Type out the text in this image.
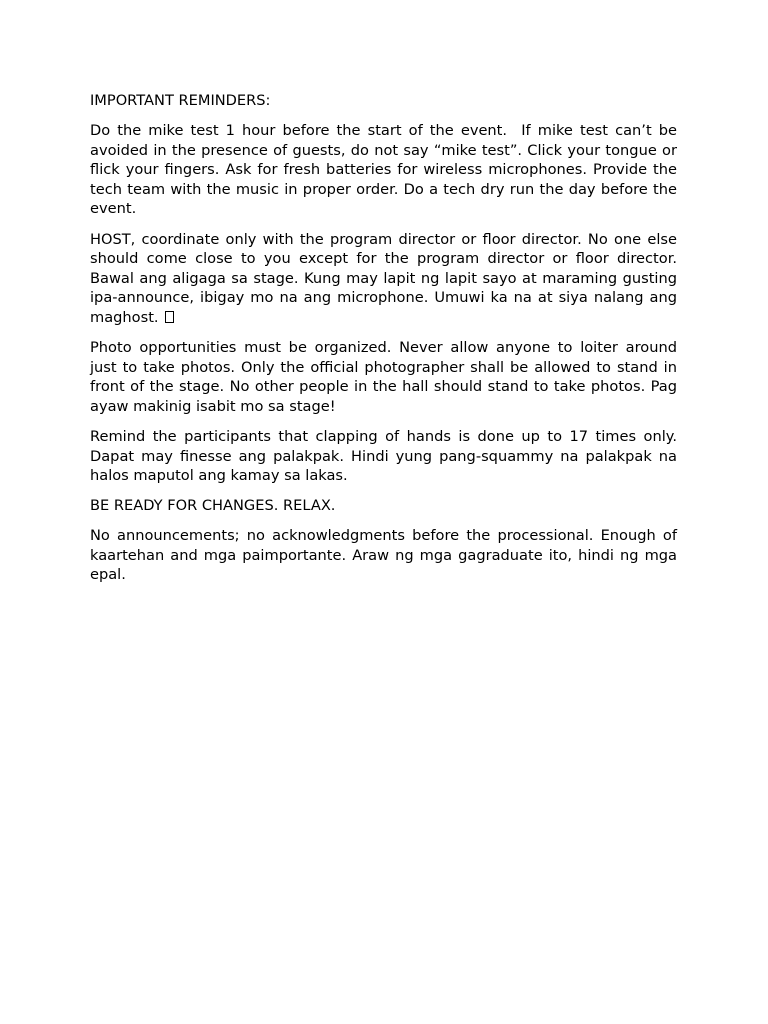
IMPORTANT REMINDERS:

Do the mike test 1 hour before the start of the event.  If mike test can’t be avoided in the presence of guests, do not say “mike test”. Click your tongue or flick your fingers. Ask for fresh batteries for wireless microphones. Provide the tech team with the music in proper order. Do a tech dry run the day before the event.

HOST, coordinate only with the program director or floor director. No one else should come close to you except for the program director or floor director. Bawal ang aligaga sa stage. Kung may lapit ng lapit sayo at maraming gusting ipa-announce, ibigay mo na ang microphone. Umuwi ka na at siya nalang ang maghost.

Photo opportunities must be organized. Never allow anyone to loiter around just to take photos. Only the official photographer shall be allowed to stand in front of the stage. No other people in the hall should stand to take photos. Pag ayaw makinig isabit mo sa stage!

Remind the participants that clapping of hands is done up to 17 times only. Dapat may finesse ang palakpak. Hindi yung pang-squammy na palakpak na halos maputol ang kamay sa lakas.

BE READY FOR CHANGES. RELAX.

No announcements; no acknowledgments before the processional. Enough of kaartehan and mga paimportante. Araw ng mga gagraduate ito, hindi ng mga epal.
